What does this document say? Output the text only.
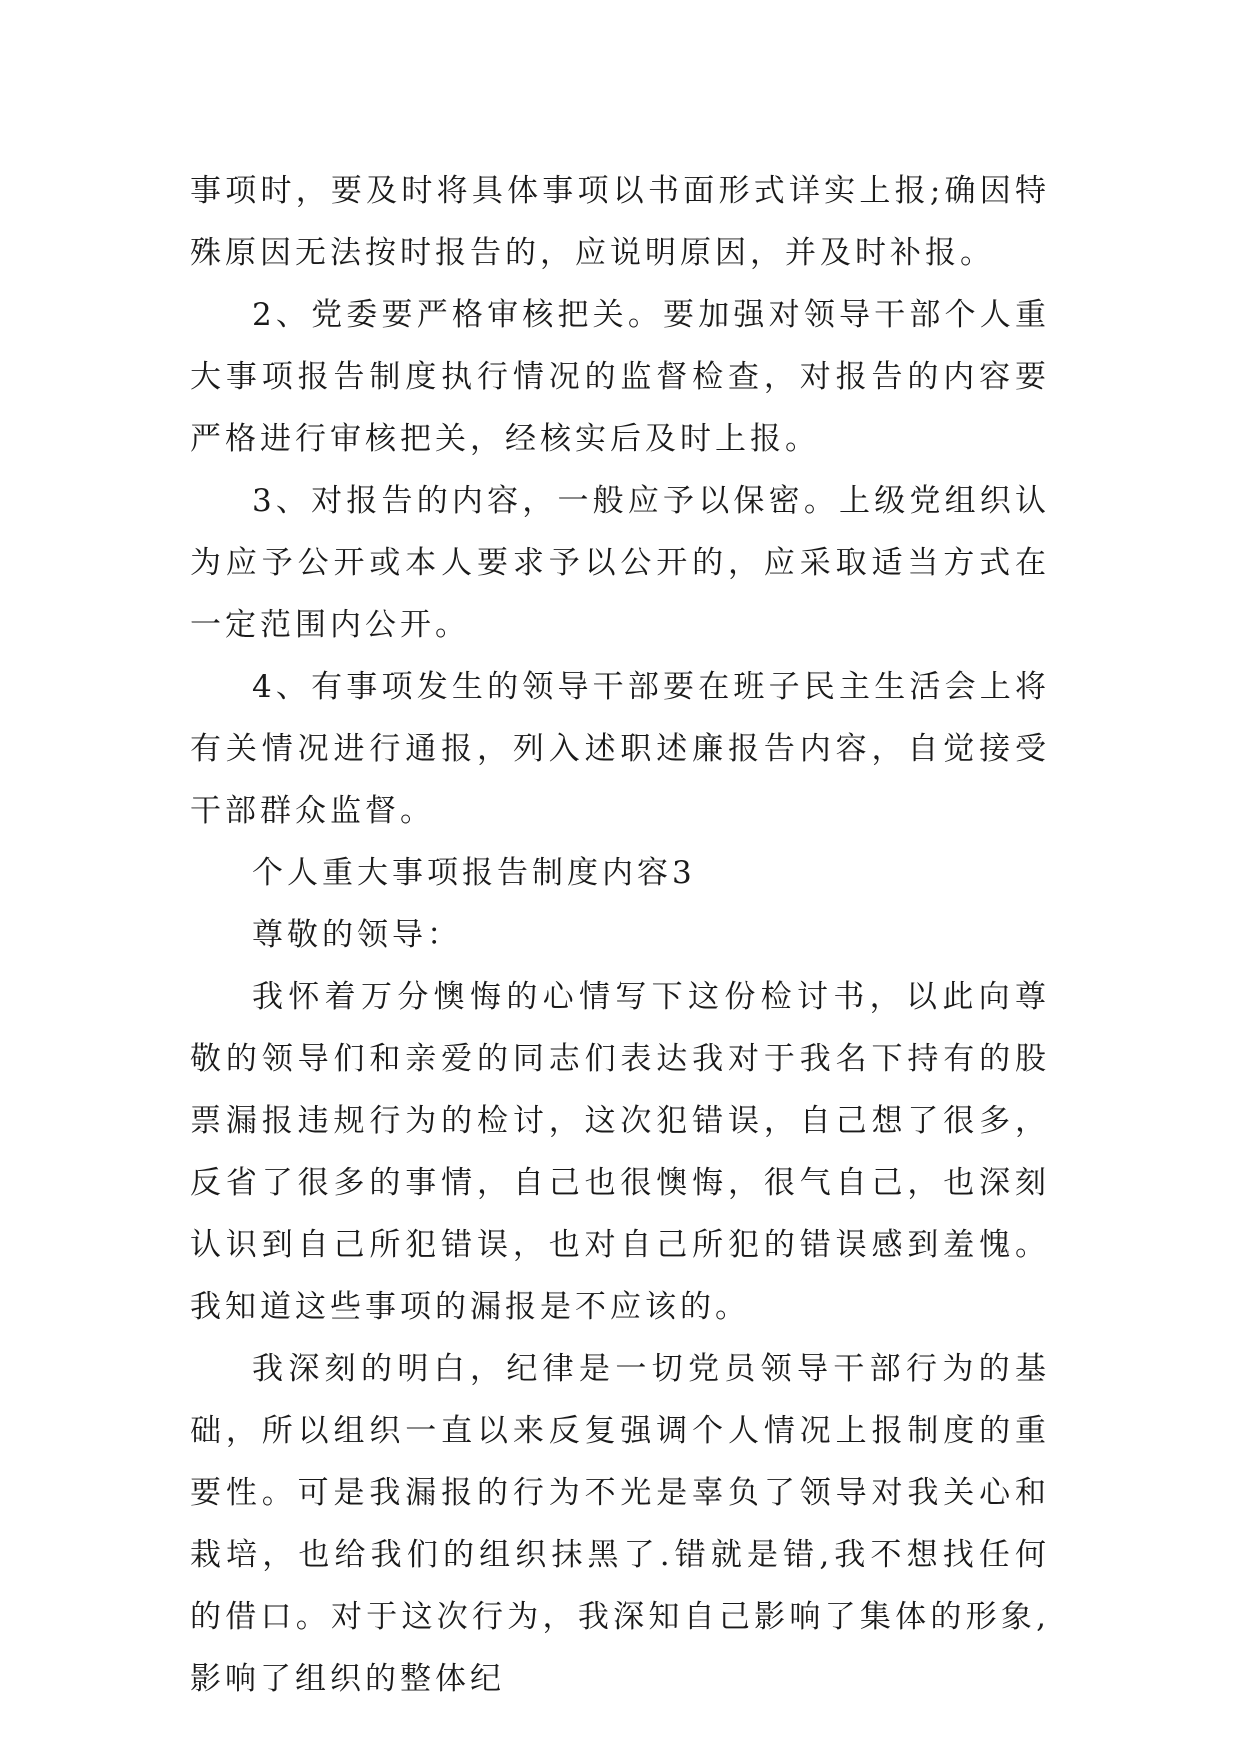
事项时，要及时将具体事项以书面形式详实上报;确因特殊原因无法按时报告的，应说明原因，并及时补报。

2、党委要严格审核把关。要加强对领导干部个人重大事项报告制度执行情况的监督检查，对报告的内容要严格进行审核把关，经核实后及时上报。

3、对报告的内容，一般应予以保密。上级党组织认为应予公开或本人要求予以公开的，应采取适当方式在一定范围内公开。

4、有事项发生的领导干部要在班子民主生活会上将有关情况进行通报，列入述职述廉报告内容，自觉接受干部群众监督。

个人重大事项报告制度内容3

尊敬的领导：

我怀着万分懊悔的心情写下这份检讨书，以此向尊敬的领导们和亲爱的同志们表达我对于我名下持有的股票漏报违规行为的检讨，这次犯错误，自己想了很多，反省了很多的事情，自己也很懊悔，很气自己，也深刻认识到自己所犯错误，也对自己所犯的错误感到羞愧。我知道这些事项的漏报是不应该的。

我深刻的明白，纪律是一切党员领导干部行为的基础，所以组织一直以来反复强调个人情况上报制度的重要性。可是我漏报的行为不光是辜负了领导对我关心和栽培，也给我们的组织抹黑了.错就是错,我不想找任何的借口。对于这次行为，我深知自己影响了集体的形象,影响了组织的整体纪
